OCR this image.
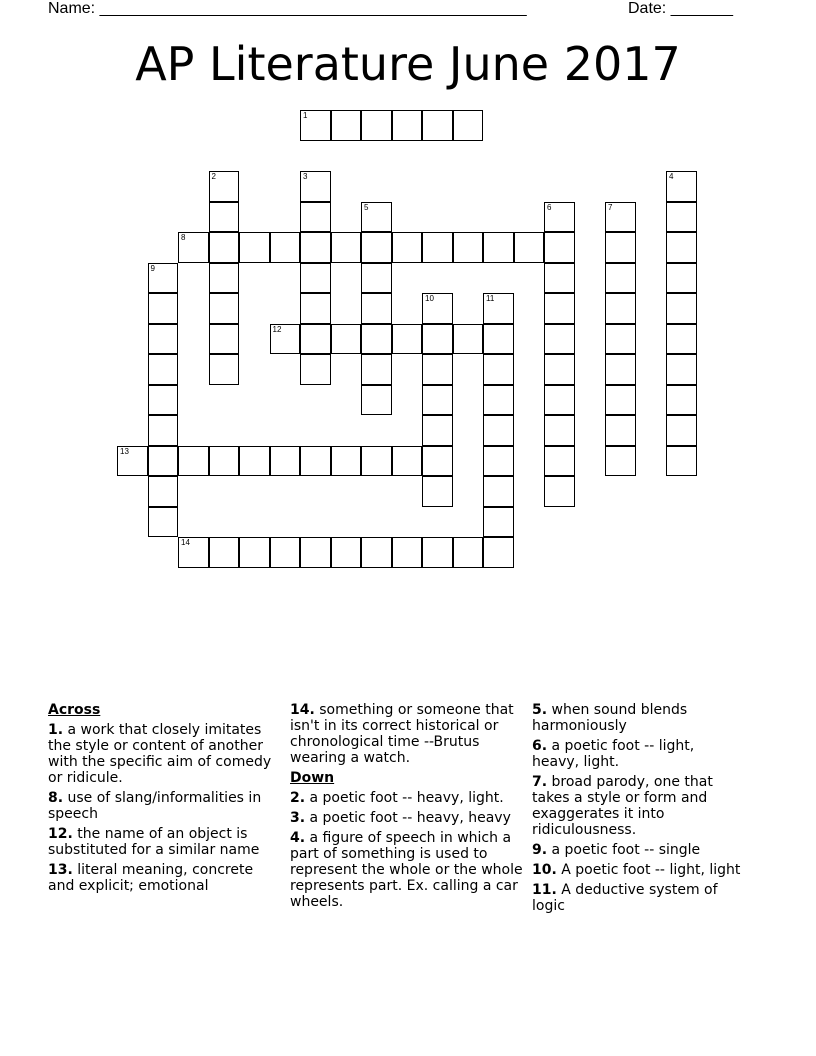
Name: ________________________________________________	Date: _______
AP Literature June 2017
1
8
12
13
14
2	3	4
5	6	7
9
10	11
Across
1. a work that closely imitates the style or content of another with the specific aim of comedy or ridicule.
8. use of slang/informalities in speech
12. the name of an object is substituted for a similar name
13. literal meaning, concrete and explicit; emotional
14. something or someone that isn't in its correct historical or chronological time --Brutus wearing a watch.
Down
2. a poetic foot -- heavy, light.
3. a poetic foot -- heavy, heavy
4. a figure of speech in which a part of something is used to represent the whole or the whole represents part. Ex. calling a car wheels.
5. when sound blends harmoniously
6. a poetic foot -- light, heavy, light.
7. broad parody, one that takes a style or form and exaggerates it into ridiculousness.
9. a poetic foot -- single
10. A poetic foot -- light, light
11. A deductive system of logic
